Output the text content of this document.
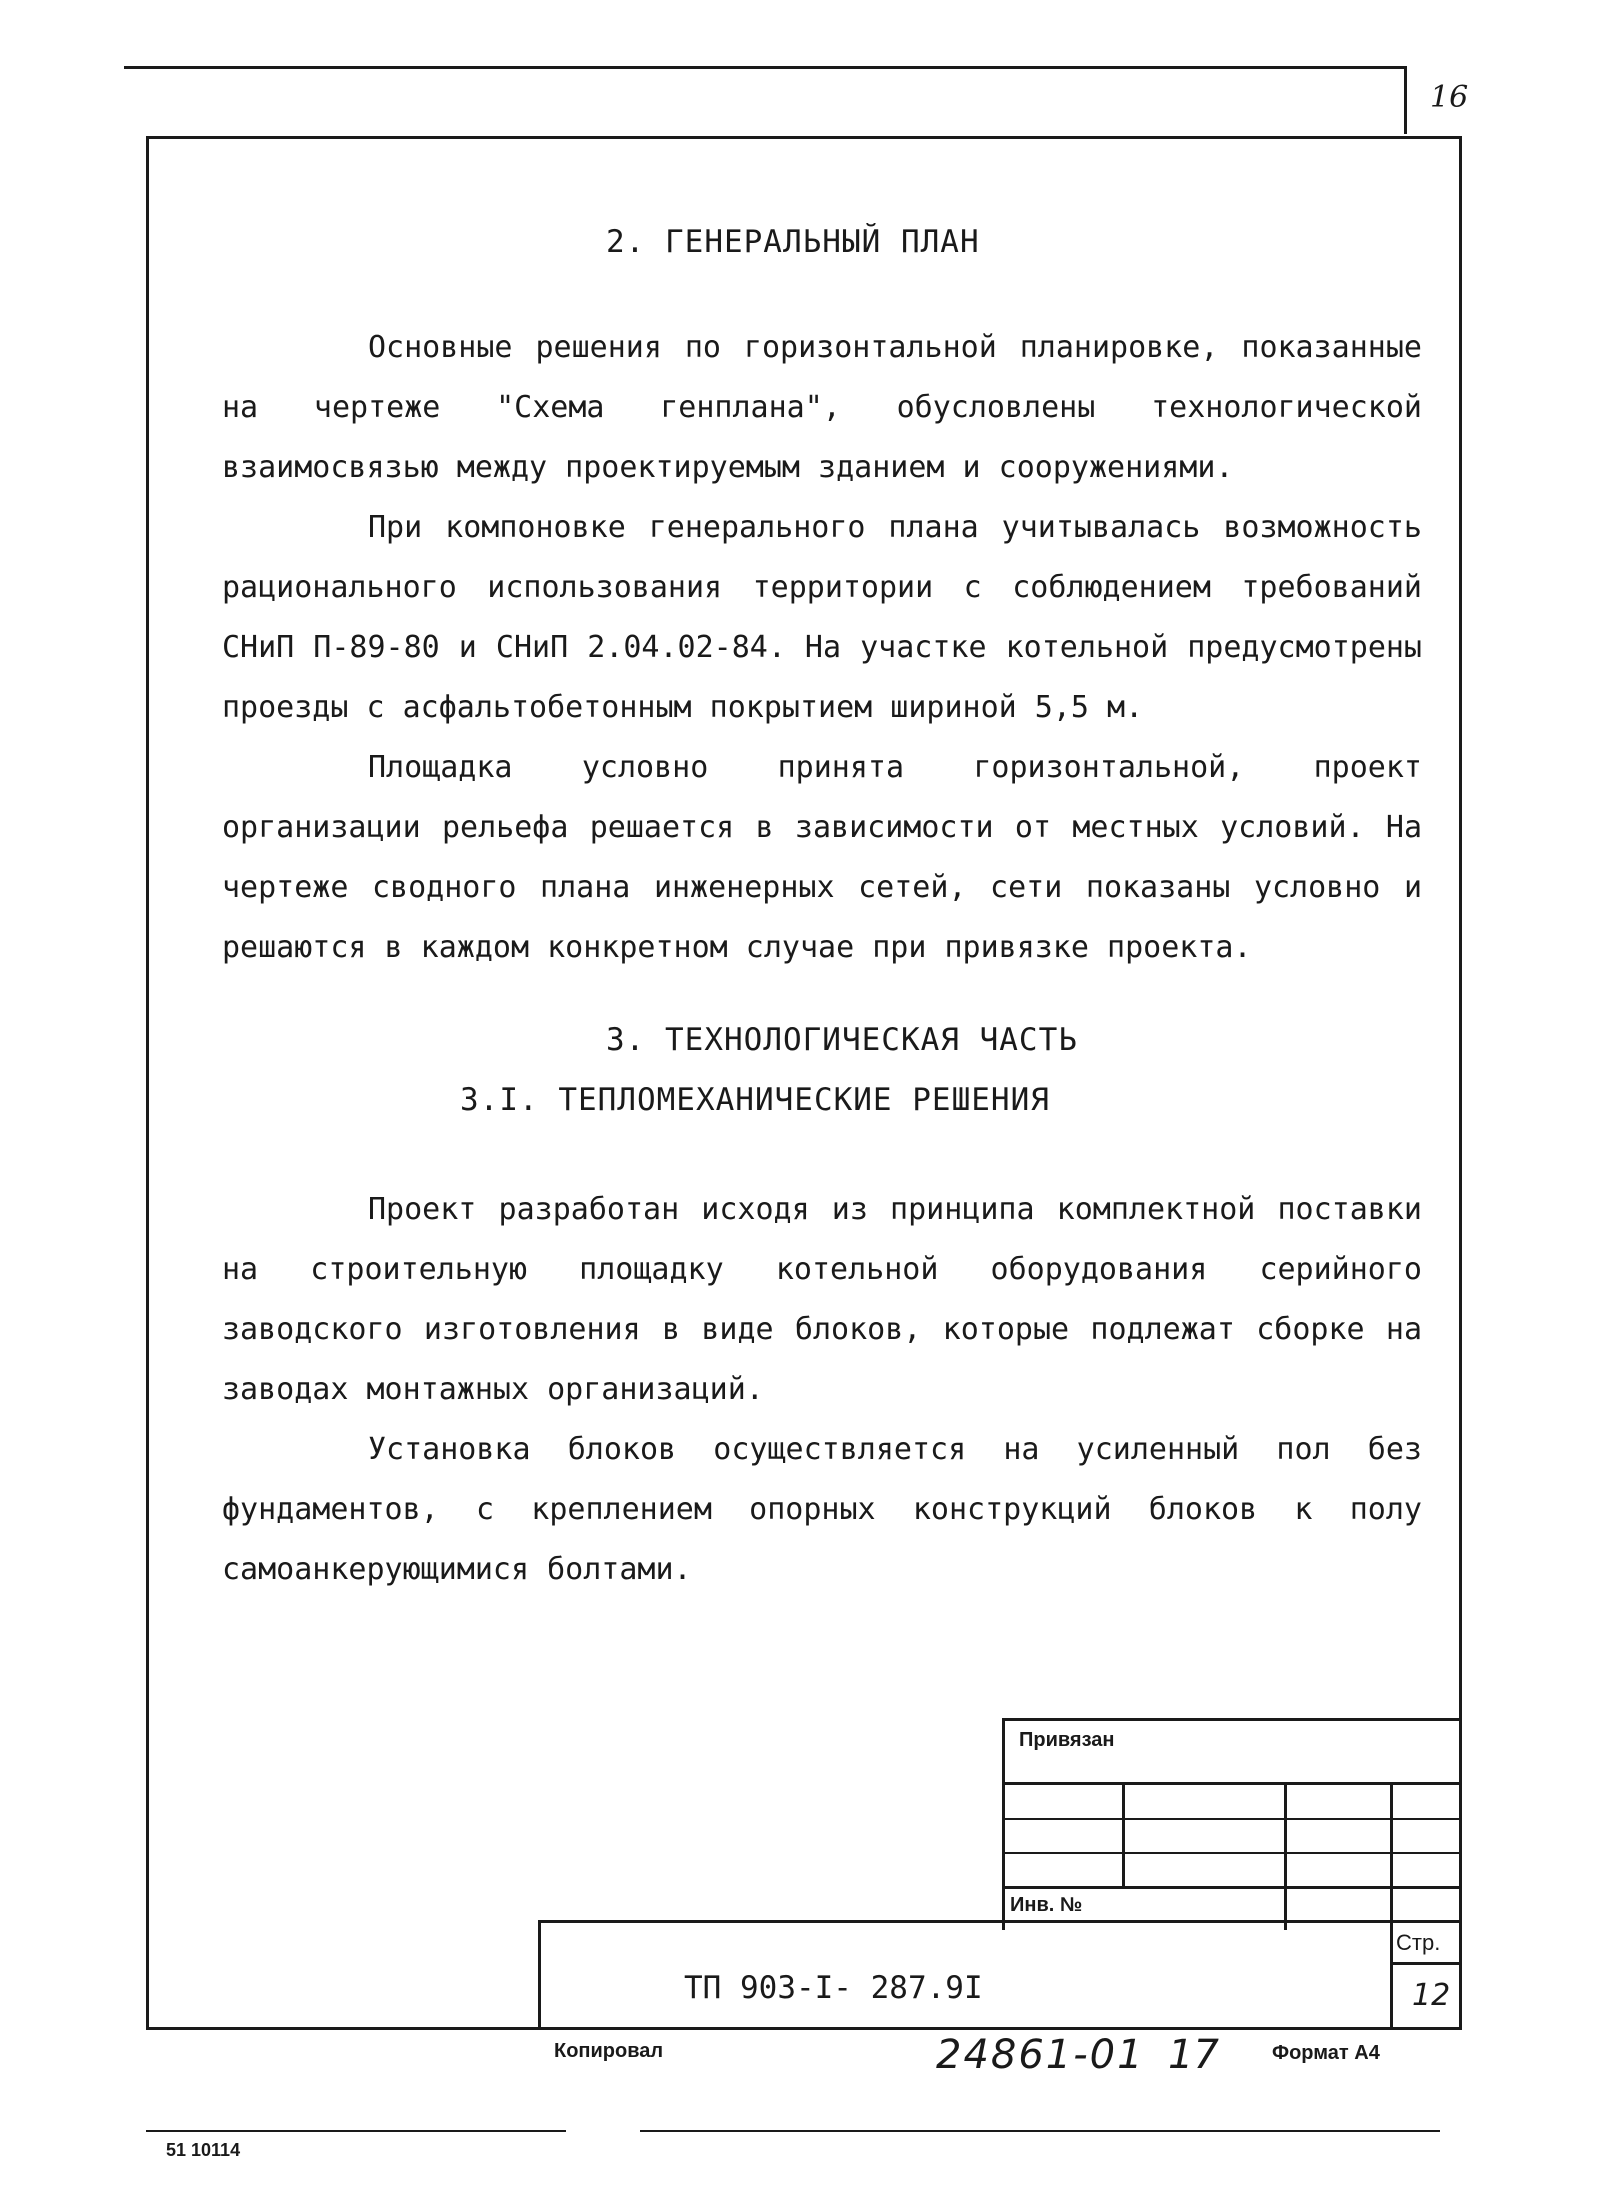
16
2. ГЕНЕРАЛЬНЫЙ ПЛАН

Основные решения по горизонтальной планировке, показанные на чертеже "Схема генплана", обусловлены технологической взаимосвязью между проектируемым зданием и сооружениями.

При компоновке генерального плана учитывалась возможность рационального использования территории с соблюдением требований СНиП П-89-80 и СНиП 2.04.02-84. На участке котельной предусмотрены проезды с асфальтобетонным покрытием шириной 5,5 м.

Площадка условно принята горизонтальной, проект организации рельефа решается в зависимости от местных условий. На чертеже сводного плана инженерных сетей, сети показаны условно и решаются в каждом конкретном случае при привязке проекта.

3. ТЕХНОЛОГИЧЕСКАЯ ЧАСТЬ
3.I. ТЕПЛОМЕХАНИЧЕСКИЕ РЕШЕНИЯ

Проект разработан исходя из принципа комплектной поставки на строительную площадку котельной оборудования серийного заводского изготовления в виде блоков, которые подлежат сборке на заводах монтажных организаций.

Установка блоков осуществляется на усиленный пол без фундаментов, с креплением опорных конструкций блоков к полу самоанкерующимися болтами.

Привязан
Инв. №
Стр.
12
ТП 903-I- 287.9I
Копировал	24861-01 17	Формат А4
51 10114
